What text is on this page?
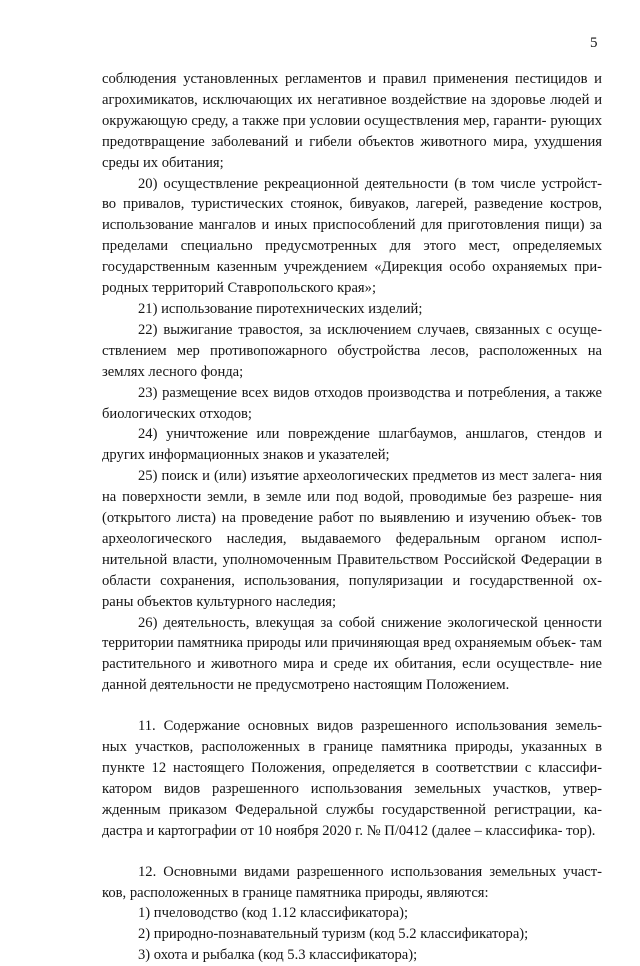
5

соблюдения установленных регламентов и правил применения пестицидов и агрохимикатов, исключающих их негативное воздействие на здоровье людей и окружающую среду, а также при условии осуществления мер, гаранти- рующих предотвращение заболеваний и гибели объектов животного мира, ухудшения среды их обитания;

20) осуществление рекреационной деятельности (в том числе устройст- во привалов, туристических стоянок, бивуаков, лагерей, разведение костров, использование мангалов и иных приспособлений для приготовления пищи) за пределами специально предусмотренных для этого мест, определяемых государственным казенным учреждением «Дирекция особо охраняемых при- родных территорий Ставропольского края»;

21) использование пиротехнических изделий;

22) выжигание травостоя, за исключением случаев, связанных с осуще- ствлением мер противопожарного обустройства лесов, расположенных на землях лесного фонда;

23) размещение всех видов отходов производства и потребления, а также биологических отходов;

24) уничтожение или повреждение шлагбаумов, аншлагов, стендов и других информационных знаков и указателей;

25) поиск и (или) изъятие археологических предметов из мест залега- ния на поверхности земли, в земле или под водой, проводимые без разреше- ния (открытого листа) на проведение работ по выявлению и изучению объек- тов археологического наследия, выдаваемого федеральным органом испол- нительной власти, уполномоченным Правительством Российской Федерации в области сохранения, использования, популяризации и государственной ох- раны объектов культурного наследия;

26) деятельность, влекущая за собой снижение экологической ценности территории памятника природы или причиняющая вред охраняемым объек- там растительного и животного мира и среде их обитания, если осуществле- ние данной деятельности не предусмотрено настоящим Положением.

11. Содержание основных видов разрешенного использования земель- ных участков, расположенных в границе памятника природы, указанных в пункте 12 настоящего Положения, определяется в соответствии с классифи- катором видов разрешенного использования земельных участков, утвер- жденным приказом Федеральной службы государственной регистрации, ка- дастра и картографии от 10 ноября 2020 г. № П/0412 (далее – классифика- тор).

12. Основными видами разрешенного использования земельных участ- ков, расположенных в границе памятника природы, являются:

1) пчеловодство (код 1.12 классификатора);

2) природно-познавательный туризм (код 5.2 классификатора);

3) охота и рыбалка (код 5.3 классификатора);
